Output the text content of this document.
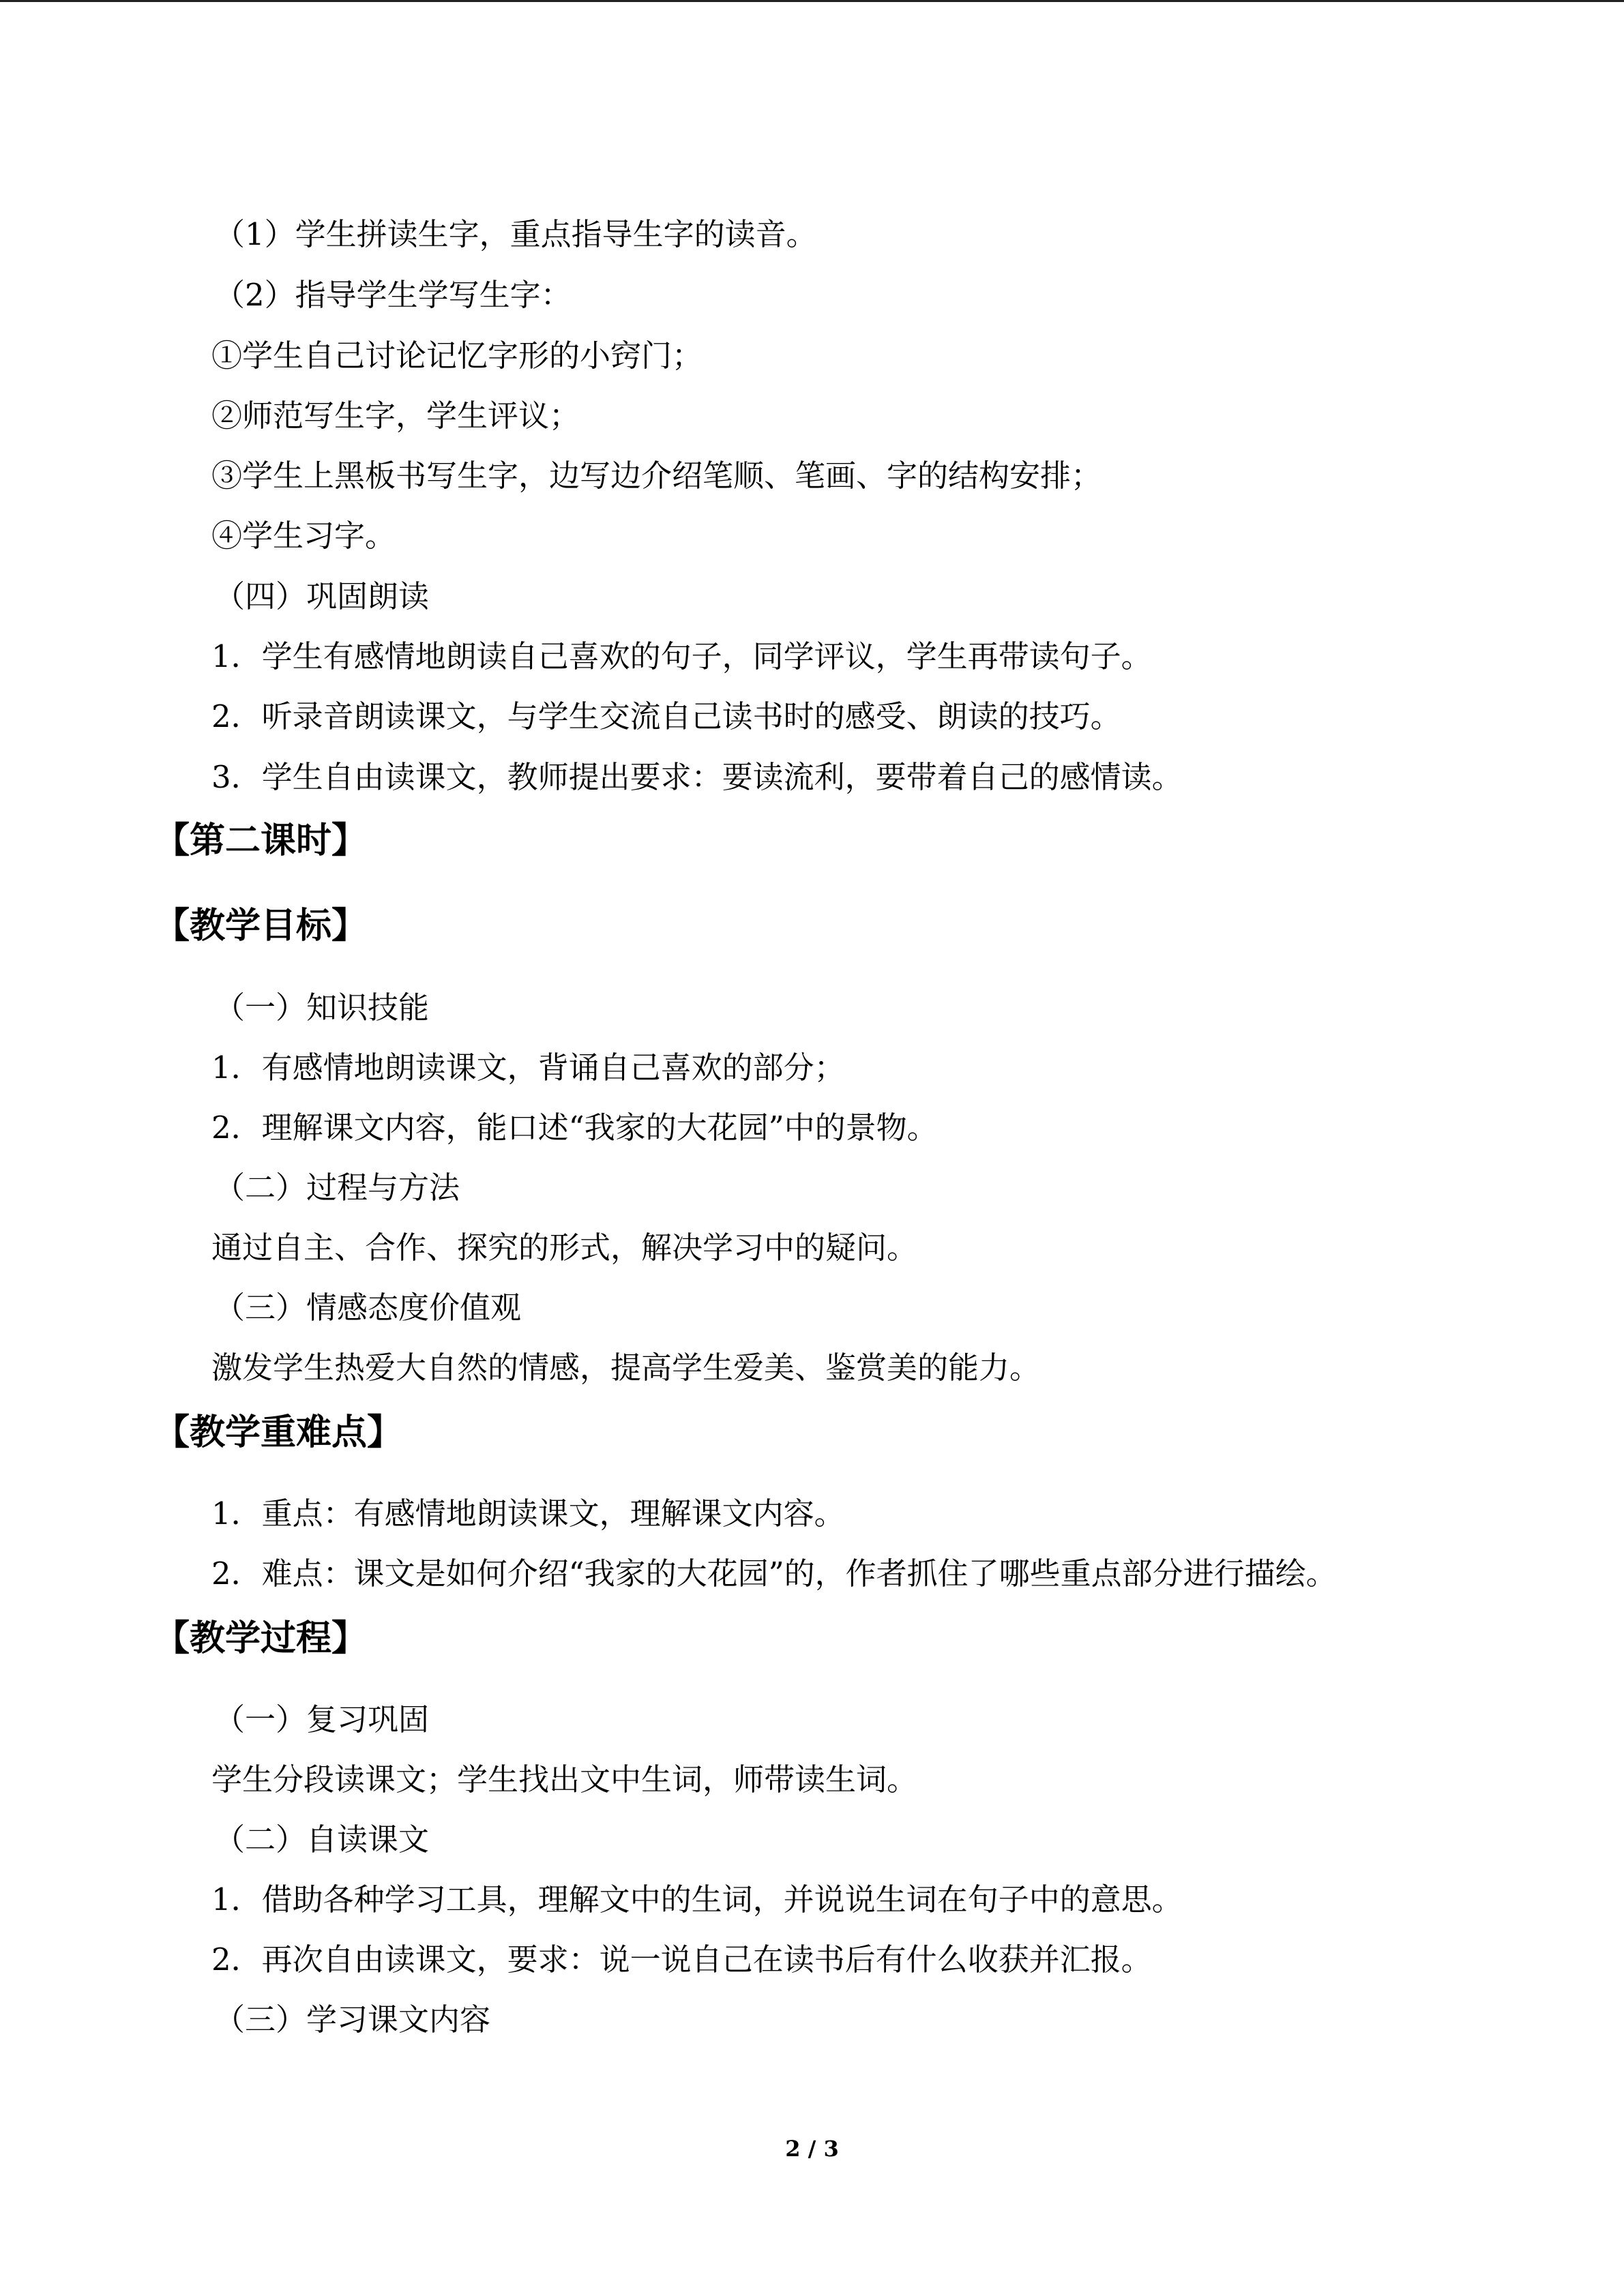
（1）学生拼读生字，重点指导生字的读音。
（2）指导学生学写生字：
①学生自己讨论记忆字形的小窍门；
②师范写生字，学生评议；
③学生上黑板书写生字，边写边介绍笔顺、笔画、字的结构安排；
④学生习字。
（四）巩固朗读
1．学生有感情地朗读自己喜欢的句子，同学评议，学生再带读句子。
2．听录音朗读课文，与学生交流自己读书时的感受、朗读的技巧。
3．学生自由读课文，教师提出要求：要读流利，要带着自己的感情读。
【第二课时】
【教学目标】
（一）知识技能
1．有感情地朗读课文，背诵自己喜欢的部分；
2．理解课文内容，能口述“我家的大花园”中的景物。
（二）过程与方法
通过自主、合作、探究的形式，解决学习中的疑问。
（三）情感态度价值观
激发学生热爱大自然的情感，提高学生爱美、鉴赏美的能力。
【教学重难点】
1．重点：有感情地朗读课文，理解课文内容。
2．难点：课文是如何介绍“我家的大花园”的，作者抓住了哪些重点部分进行描绘。
【教学过程】
（一）复习巩固
学生分段读课文；学生找出文中生词，师带读生词。
（二）自读课文
1．借助各种学习工具，理解文中的生词，并说说生词在句子中的意思。
2．再次自由读课文，要求：说一说自己在读书后有什么收获并汇报。
（三）学习课文内容
2 / 3
